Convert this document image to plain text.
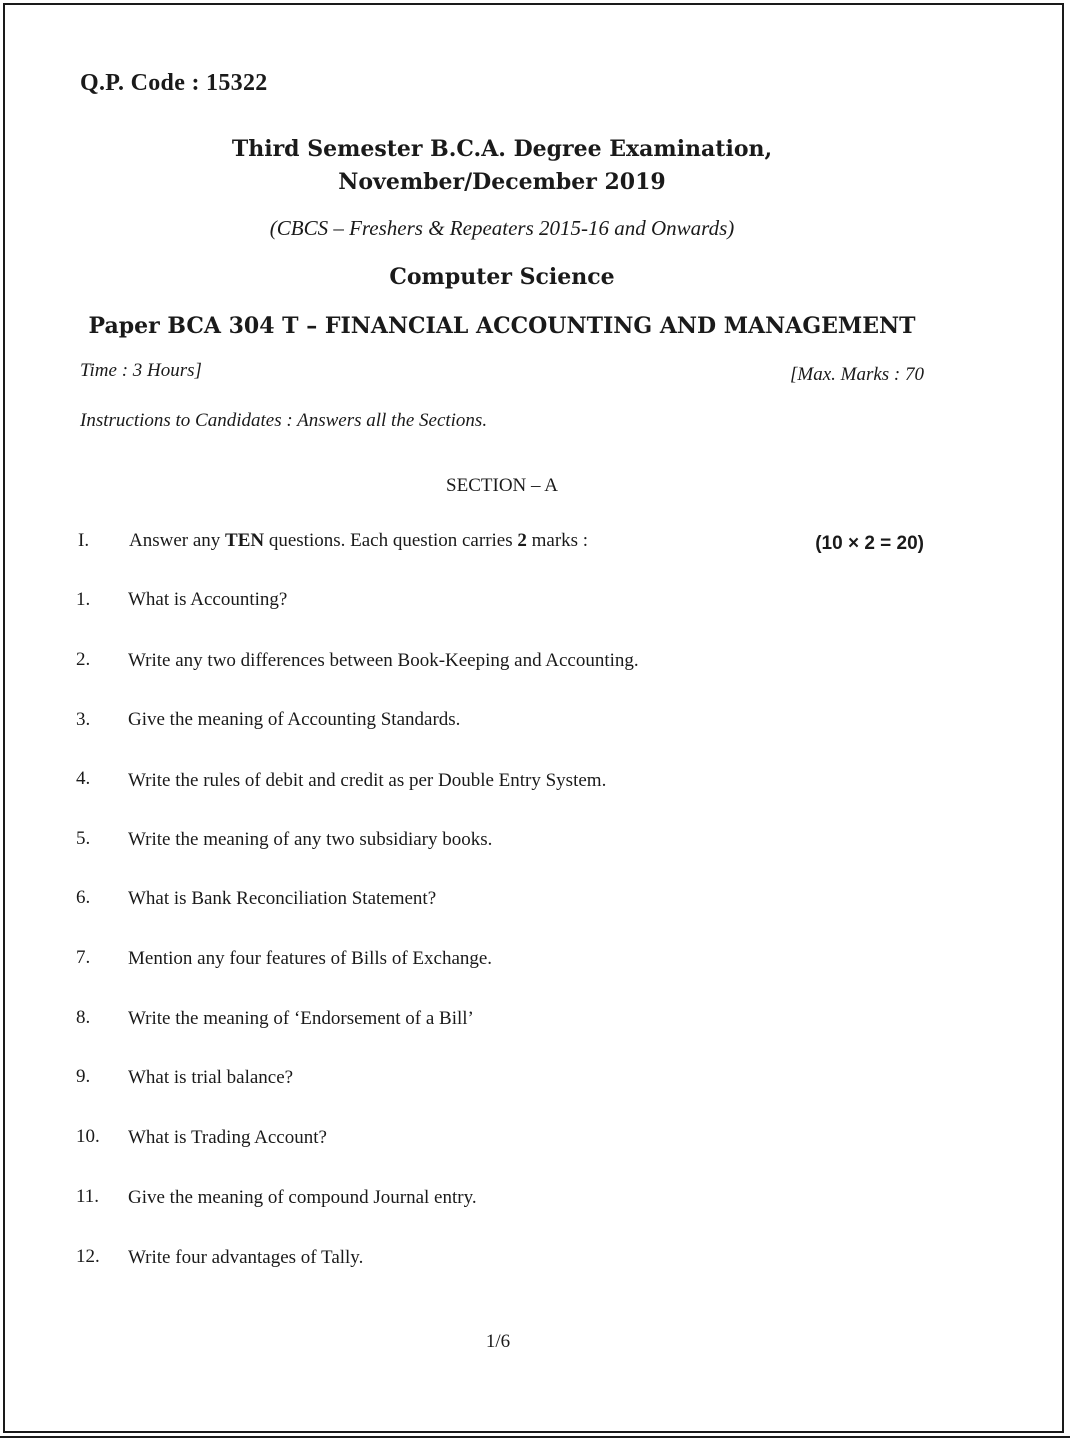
Q.P. Code : 15322
Third Semester B.C.A. Degree Examination,
November/December 2019
(CBCS – Freshers & Repeaters 2015-16 and Onwards)
Computer Science
Paper BCA 304 T – FINANCIAL ACCOUNTING AND MANAGEMENT
Time : 3 Hours]	[Max. Marks : 70
Instructions to Candidates : Answers all the Sections.
SECTION – A
I. Answer any TEN questions. Each question carries 2 marks :	(10 × 2 = 20)
1.	What is Accounting?
2.	Write any two differences between Book-Keeping and Accounting.
3.	Give the meaning of Accounting Standards.
4.	Write the rules of debit and credit as per Double Entry System.
5.	Write the meaning of any two subsidiary books.
6.	What is Bank Reconciliation Statement?
7.	Mention any four features of Bills of Exchange.
8.	Write the meaning of ‘Endorsement of a Bill’
9.	What is trial balance?
10.	What is Trading Account?
11.	Give the meaning of compound Journal entry.
12.	Write four advantages of Tally.
1/6
